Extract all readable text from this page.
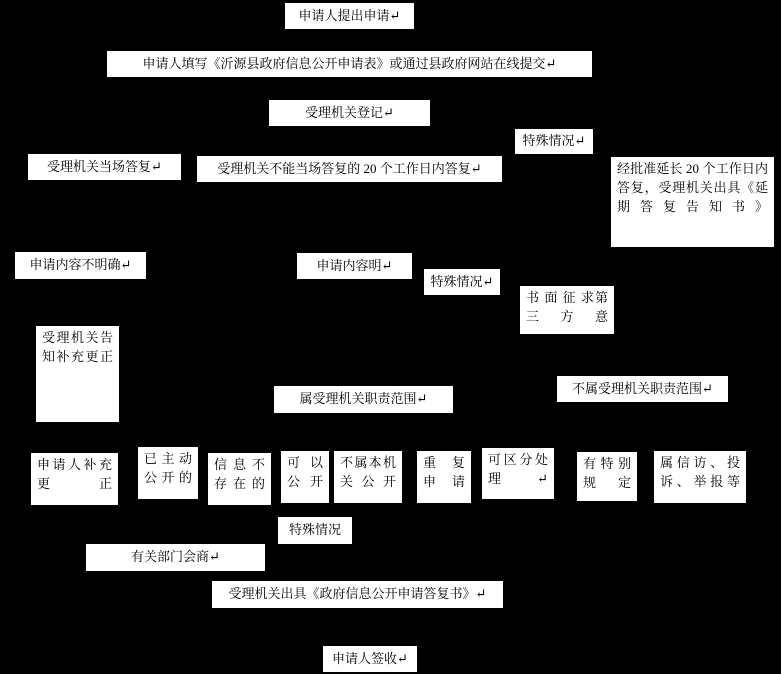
申请人提出申请↵
申请人填写《沂源县政府信息公开申请表》或通过县政府网站在线提交↵
受理机关登记↵
特殊情况↵
受理机关当场答复↵	受理机关不能当场答复的 20 个工作日内答复↵	经批准延长 20 个工作日内答复，受理机关出具《延期答复告知书》
申请内容不明确↵	申请内容明↵
特殊情况↵
书 面 征 求第三方意
受理机关告知补充更正
属受理机关职责范围↵
不属受理机关职责范围↵
申请人补充更正
已主动公开的
信息不存在的
可以公开
不属本机关公开
重 复申请
可区分处理↵
有特别规定
属信访、投诉、举报等
特殊情况
有关部门会商↵
受理机关出具《政府信息公开申请答复书》↵
申请人签收↵
